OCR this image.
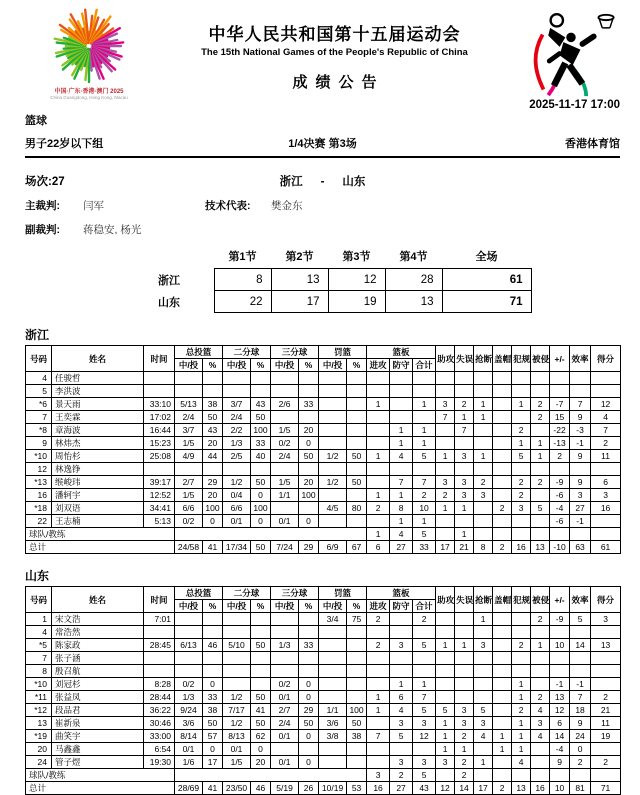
中国·广东·香港·澳门 2025
China Guangdong, Hong Kong, Macau
中华人民共和国第十五届运动会
The 15th National Games of the People's Republic of China
成绩公告
2025-11-17 17:00
篮球
男子22岁以下组	1/4决赛 第3场	香港体育馆
场次:27	浙江 - 山东
主裁判:	闫军	技术代表:	樊金东
副裁判:	蒋稳安, 杨光
	第1节	第2节	第3节	第4节	全场
浙江	8	13	12	28	61
山东	22	17	19	13	71
浙江
号码	姓名	时间	总投篮		二分球		三分球		罚篮		篮板			助攻	失误	抢断	盖帽	犯规	被侵	+/-	效率	得分
			中/投	%	中/投	%	中/投	%	中/投	%	进攻	防守	合计									
4	任骏哲																					
5	李洪波																					
*6	景天雨	33:10	5/13	38	3/7	43	2/6	33			1		1	3	2	1		1	2	-7	7	12
7	王奕霖	17:02	2/4	50	2/4	50								7	1	1			2	15	9	4
*8	章海波	16:44	3/7	43	2/2	100	1/5	20				1	1		7			2		-22	-3	7
9	林炜杰	15:23	1/5	20	1/3	33	0/2	0				1	1					1	1	-13	-1	2
*10	周怡杉	25:08	4/9	44	2/5	40	2/4	50	1/2	50	1	4	5	1	3	1		5	1	2	9	11
12	林逸铮																					
*13	缑峻玮	39:17	2/7	29	1/2	50	1/5	20	1/2	50		7	7	3	3	2		2	2	-9	9	6
16	潘轲宇	12:52	1/5	20	0/4	0	1/1	100			1	1	2	2	3	3		2		-6	3	3
*18	刘双语	34:41	6/6	100	6/6	100			4/5	80	2	8	10	1	1		2	3	5	-4	27	16
22	王志楠	5:13	0/2	0	0/1	0	0/1	0				1	1							-6	-1	
球队/教练											1	4	5		1							
总计			24/58	41	17/34	50	7/24	29	6/9	67	6	27	33	17	21	8	2	16	13	-10	63	61
山东
号码	姓名	时间	总投篮		二分球		三分球		罚篮		篮板			助攻	失误	抢断	盖帽	犯规	被侵	+/-	效率	得分
			中/投	%	中/投	%	中/投	%	中/投	%	进攻	防守	合计									
1	宋文浩	7:01							3/4	75	2		2			1			2	-9	5	3
4	常浩然																					
*5	陈家政	28:45	6/13	46	5/10	50	1/3	33			2	3	5	1	1	3		2	1	10	14	13
7	张子涵																					
8	殷召航																					
*10	刘冠杉	8:28	0/2	0			0/2	0				1	1					1		-1	-1	
*11	张益凤	28:44	1/3	33	1/2	50	0/1	0			1	6	7					1	2	13	7	2
*12	段品君	36:22	9/24	38	7/17	41	2/7	29	1/1	100	1	4	5	5	3	5		2	4	12	18	21
13	崔新泉	30:46	3/6	50	1/2	50	2/4	50	3/6	50		3	3	1	3	3		1	3	6	9	11
*19	曲笑宇	33:00	8/14	57	8/13	62	0/1	0	3/8	38	7	5	12	1	2	4	1	1	4	14	24	19
20	马鑫鑫	6:54	0/1	0	0/1	0								1	1		1	1		-4	0	
24	管子煜	19:30	1/6	17	1/5	20	0/1	0				3	3	3	2	1		4		9	2	2
球队/教练											3	2	5		2							
总计			28/69	41	23/50	46	5/19	26	10/19	53	16	27	43	12	14	17	2	13	16	10	81	71
